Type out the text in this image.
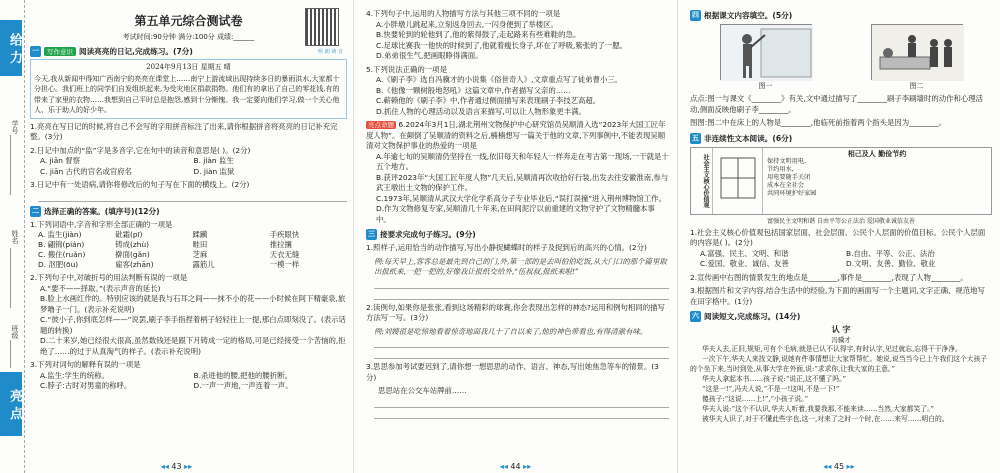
给 力
学号
姓名
班级
亮 点
第五单元综合测试卷
考试时间:90分钟 满分:100分 成绩:______
听 朗 读 音
一	写作意识 阅读亮亮的日记,完成练习。(7分)
2024年9月13日 星期五 晴
今天,我从新闻中得知广西南宁的亮亮在课堂上……南宁上游流域出现持续多日的暴雨洪水,大家都十分担心。我们班上的同学们自发组织起来,为受灾地区捐款捐物。他们有的拿出了自己的零花钱,有的带来了家里的衣物……我想到自己平时总是抱怨,感到十分惭愧。我一定要向他们学习,做一个关心他人、乐于助人的好少年。
1.亮亮在写日记的时候,将自己不会写的字用拼音标注了出来,请你根据拼音将亮亮的日记补充完整。(3分)
2.日记中加点的“监”字是多音字,它在句中的读音和意思是( )。(2分)
A. jiān 督察	B. jiàn 监生
C. jiān 古代的官名或官府名	D. jiàn 监狱
3.日记中有一处语病,请你将修改后的句子写在下面的横线上。(2分)
二 选择正确的答案。(填序号)(12分)
1.下列词语中,字音和字形全部正确的一项是
A. 监生(jiàn)	砒霜(pī)	蹂躏	手疾眼快
B. 翩锦(pián)	铸成(zhù)	畦田	推拉攘
C. 搬住(ruǎn)	擀面(gǎn)	芝麻	天衣无缝
D. 沤肥(ōu)	雇客(zhān)	露筋儿	一模一样
2.下列句子中,对破折号的用法判断有误的一项是
A.“要不——择取。”(表示声音的延长)
B.脸上水画红作的。特别应该的就是我与石耳之间——抹不小的花——小时候在阿下精豪泉,旅梦噜子一门。(表示补充说明)
C.“彼小子,你到底怎样——”说罢,刷子李手指捏着柄子轻轻往上一提,那白点即刻没了。(表示话题的转换)
D.二十来岁,她已经很大很高,虽然数钱还是跟下月铸成一定的格局,可是已经接受一个苦恼的,拒绝了……的过于从真淘气的样子。(表示补充说明)
3.下列对词句的解释有误的一项是
A.监生:学生的统称。	B.杀进他的腰,把他的腰折断。
C.脖子:古时对男童的称呼。	D.一声一声地,一声连着一声。
◂◂ 43 ▸▸
4.下列句子中,运用的人物描写方法与其他三项不同的一项是
A.小胖墩儿跳起来,立刻返身回去,一闪身便到了举楼区。
B.快要轮到的轮他到了,他的紫得鼓了,走起路来有些难鞋的急。
C.足球比赛我一他快的时候到了,他就着瘦长身子,坏在了呼吸,紫张的了一腮。
D.弟弟很生气,把画眼睁得满面。
5.下列说法正确的一项是
A.《刷子李》选自冯骥才的小说集《俗世奇人》,文章重点写了徒弟曹小三。
B.《他像一颗树般地怒吼》这篇文章中,作者描写父亲的……
C.蕲赖他的《刷子李》中,作者通过侧面描写来表现刷子李技艺高超。
D.抓住人物的心理活动以及语言来描写,可以让人物形象更丰满。
亮点命题 6.2024年3月1日,湖北荆州文物保护中心研究馆员吴顺清入选“2023年大国工匠年度人物”。在颠倒了吴顺清的资料之后,楠楠想写一篇关于他的文章,下列事例中,不能表现吴顺清对文物保护事业的热爱的一项是
A.年逾七旬的吴顺清仍坚持在一线,依旧每天和年轻人一样奔走在考古第一现场,一干就是十五个地方。
B.获评2023年“大国工匠年度人物”几天后,吴顺清再次收拾好行装,出发去往安徽淮南,参与武王墩出土文物的保护工作。
C.1973年,吴顺清从武汉大学化学系高分子专业毕业后,“误打误撞”进入荆州博物馆工作。
D.作为文物修复专家,吴顺清几十年来,在田间泥泞以前重建的文物守护了文物精髓本事中。
三 接要求完成句子练习。(9分)
1.照样子,运用恰当的动作描写,写出小静捉蝴蝶时的样子及捉到后的高兴的心情。(2分)
例:每天早上,客客总是最先到自己的门,外,第一部的是去叫伯伯吃饭,从大门口的那个篇里取出报纸来,一把一把的,好像我让报纸交给外,“伍叔叔,报纸来啦!”
2.读例句,如果你是张张,看到这场精彩的球赛,你会表现出怎样的神态?运用和例句相同的描写方法写一写。(3分)
例:刘嫂很是吃惊地看着惊奇地面我几十了自以来了,他的神色带看也,有得清澈有味。
3.思思参加考试要迟到了,请你想一想思思的动作、语言、神态,写出她焦急等车的情景。(3分)
思思站在公交车站牌前……
◂◂ 44 ▸▸
四 根据课文内容填空。(5分)
图一	图二
点点:图一与课文《________》有关,文中通过描写了________刷子李刷墙时的动作和心理活动,侧面反映他刷子李________。
图图:图二中在床上的人物是________,他临死前指着两个指头是因为________。
五 非连续性文本阅读。(6分)
社会主义核心价值观	相己及人 勤俭节约
保持文明用电,
节约用水,
用电要随手关闭
成本在全社会
共同环境护好家园
富强民主文明和谐 自由平等公正法治 爱国敬业诚信友善
1.社会主义核心价值观包括国家层面、社会层面、公民个人层面的价值目标。公民个人层面的内容是( )。(2分)
A.富强、民主、文明、和谐	B.自由、平等、公正、法治
C.爱国、敬业、诚信、友善	D.文明、友善、勤俭、敬业
2.宣传画中右图的情景发生的地点是________,事件是________,表现了人物________。
3.根据图片和文字内容,结合生活中的经验,为下面的画面写一个主题词,文字正确、规范地写在田字格中。(1分)
六 阅读短文,完成练习。(14分)
认 字
冯骥才
华夫人去,正旧,规矩,可有个毛病,就是已认不认得字,有时认字,见过就忘,忘得干干净净。
一次下午,华夫人来找文静,说她有件事情想让大家帮帮忙。她说,说当当今已上午我们这个大孩子的个坐下来,当时到处,从事大学在外面,说:“求求你,让我大家的主意。”
华夫人拿起本书……孩子说:“说正,这不懂了吗。”
“这是一!”,冯夫人说,“不是一!这叫,不是一下!”
傻孩子:“这说……上!”,“小孩子说。”
华夫人说:“这个不认识,华夫人听着,我要我那,不能来读……当然,大家都笑了。”
被华夫人识了,对于不懂此些字也,这一,对来了之时一个时,在……来写……明白的。
◂◂ 45 ▸▸
